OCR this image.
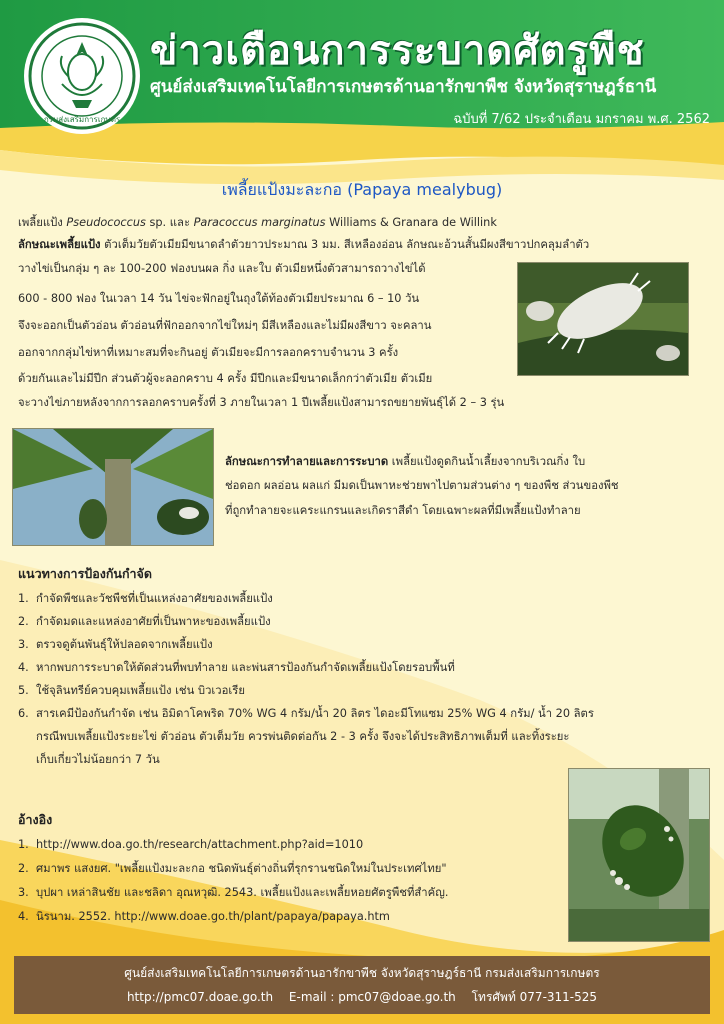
กรมส่งเสริมการเกษตร
ข่าวเตือนการระบาดศัตรูพืช
ศูนย์ส่งเสริมเทคโนโลยีการเกษตรด้านอารักขาพืช จังหวัดสุราษฎร์ธานี
ฉบับที่ 7/62 ประจำเดือน มกราคม พ.ศ. 2562
เพลี้ยแป้งมะละกอ (Papaya mealybug)
เพลี้ยแป้ง Pseudococcus sp. และ Paracoccus marginatus Williams & Granara de Willink
ลักษณะเพลี้ยแป้ง ตัวเต็มวัยตัวเมียมีขนาดลำตัวยาวประมาณ 3 มม. สีเหลืองอ่อน ลักษณะอ้วนสั้นมีผงสีขาวปกคลุมลำตัว
วางไข่เป็นกลุ่ม ๆ ละ 100-200 ฟองบนผล กิ่ง และใบ ตัวเมียหนึ่งตัวสามารถวางไข่ได้
600 - 800 ฟอง ในเวลา 14 วัน ไข่จะฟักอยู่ในถุงใต้ท้องตัวเมียประมาณ 6 – 10 วัน
จึงจะออกเป็นตัวอ่อน ตัวอ่อนที่ฟักออกจากไข่ใหม่ๆ มีสีเหลืองและไม่มีผงสีขาว จะคลาน
ออกจากกลุ่มไข่หาที่เหมาะสมที่จะกินอยู่ ตัวเมียจะมีการลอกคราบจำนวน 3 ครั้ง
ด้วยกันและไม่มีปีก ส่วนตัวผู้จะลอกคราบ 4 ครั้ง มีปีกและมีขนาดเล็กกว่าตัวเมีย ตัวเมีย
จะวางไข่ภายหลังจากการลอกคราบครั้งที่ 3 ภายในเวลา 1 ปีเพลี้ยแป้งสามารถขยายพันธุ์ได้ 2 – 3 รุ่น
ลักษณะการทำลายและการระบาด เพลี้ยแป้งดูดกินน้ำเลี้ยงจากบริเวณกิ่ง ใบ
ช่อดอก ผลอ่อน ผลแก่ มีมดเป็นพาหะช่วยพาไปตามส่วนต่าง ๆ ของพืช ส่วนของพืช
ที่ถูกทำลายจะแคระแกรนและเกิดราสีดำ โดยเฉพาะผลที่มีเพลี้ยแป้งทำลาย
แนวทางการป้องกันกำจัด
1. กำจัดพืชและวัชพืชที่เป็นแหล่งอาศัยของเพลี้ยแป้ง
2. กำจัดมดและแหล่งอาศัยที่เป็นพาหะของเพลี้ยแป้ง
3. ตรวจดูต้นพันธุ์ให้ปลอดจากเพลี้ยแป้ง
4. หากพบการระบาดให้ตัดส่วนที่พบทำลาย และพ่นสารป้องกันกำจัดเพลี้ยแป้งโดยรอบพื้นที่
5. ใช้จุลินทรีย์ควบคุมเพลี้ยแป้ง เช่น บิวเวอเรีย
6. สารเคมีป้องกันกำจัด เช่น อิมิดาโคพริด 70% WG 4 กรัม/น้ำ 20 ลิตร ไดอะมีโทแซม 25% WG 4 กรัม/ น้ำ 20 ลิตร
กรณีพบเพลี้ยแป้งระยะไข่ ตัวอ่อน ตัวเต็มวัย ควรพ่นติดต่อกัน 2 - 3 ครั้ง จึงจะได้ประสิทธิภาพเต็มที่ และทิ้งระยะ
เก็บเกี่ยวไม่น้อยกว่า 7 วัน
อ้างอิง
1. http://www.doa.go.th/research/attachment.php?aid=1010
2. ศมาพร แสงยศ. "เพลี้ยแป้งมะละกอ ชนิดพันธุ์ต่างถิ่นที่รุกรานชนิดใหม่ในประเทศไทย"
3. บุปผา เหล่าสินชัย และชลิดา อุณหวุฒิ. 2543. เพลี้ยแป้งและเพลี้ยหอยศัตรูพืชที่สำคัญ.
4. นิรนาม. 2552. http://www.doae.go.th/plant/papaya/papaya.htm
ศูนย์ส่งเสริมเทคโนโลยีการเกษตรด้านอารักขาพืช จังหวัดสุราษฎร์ธานี กรมส่งเสริมการเกษตร
http://pmc07.doae.go.th E-mail : pmc07@doae.go.th โทรศัพท์ 077-311-525
